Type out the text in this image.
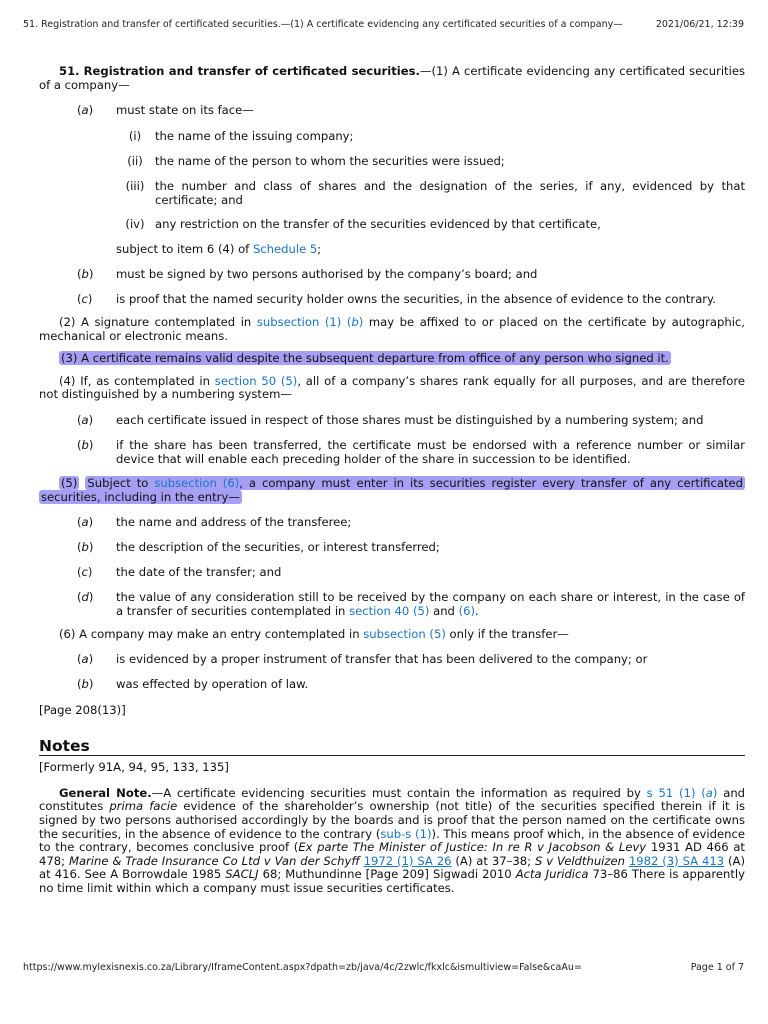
51. Registration and transfer of certificated securities.—(1) A certificate evidencing any certificated securities of a company—	2021/06/21, 12:39

51. Registration and transfer of certificated securities.—(1) A certificate evidencing any certificated securities of a company—

(a) must state on its face—
(i)	the name of the issuing company;
(ii)	the name of the person to whom the securities were issued;
(iii) the number and class of shares and the designation of the series, if any, evidenced by that certificate; and
(iv) any restriction on the transfer of the securities evidenced by that certificate,
subject to item 6 (4) of Schedule 5;
(b) must be signed by two persons authorised by the company’s board; and
(c) is proof that the named security holder owns the securities, in the absence of evidence to the contrary.

(2) A signature contemplated in subsection (1) (b) may be affixed to or placed on the certificate by autographic, mechanical or electronic means.

(3) A certificate remains valid despite the subsequent departure from office of any person who signed it.

(4) If, as contemplated in section 50 (5), all of a company’s shares rank equally for all purposes, and are therefore not distinguished by a numbering system—

(a) each certificate issued in respect of those shares must be distinguished by a numbering system; and
(b) if the share has been transferred, the certificate must be endorsed with a reference number or similar device that will enable each preceding holder of the share in succession to be identified.

(5) Subject to subsection (6), a company must enter in its securities register every transfer of any certificated securities, including in the entry—

(a) the name and address of the transferee;
(b) the description of the securities, or interest transferred;
(c) the date of the transfer; and
(d) the value of any consideration still to be received by the company on each share or interest, in the case of a transfer of securities contemplated in section 40 (5) and (6).

(6) A company may make an entry contemplated in subsection (5) only if the transfer—

(a) is evidenced by a proper instrument of transfer that has been delivered to the company; or
(b) was effected by operation of law.

[Page 208(13)]

Notes

[Formerly 91A, 94, 95, 133, 135]

General Note.—A certificate evidencing securities must contain the information as required by s 51 (1) (a) and constitutes prima facie evidence of the shareholder’s ownership (not title) of the securities specified therein if it is signed by two persons authorised accordingly by the boards and is proof that the person named on the certificate owns the securities, in the absence of evidence to the contrary (sub-s (1)). This means proof which, in the absence of evidence to the contrary, becomes conclusive proof (Ex parte The Minister of Justice: In re R v Jacobson & Levy 1931 AD 466 at 478; Marine & Trade Insurance Co Ltd v Van der Schyff 1972 (1) SA 26 (A) at 37–38; S v Veldthuizen 1982 (3) SA 413 (A) at 416. See A Borrowdale 1985 SACLJ 68; Muthundinne [Page 209] Sigwadi 2010 Acta Juridica 73–86 There is apparently no time limit within which a company must issue securities certificates.

https://www.mylexisnexis.co.za/Library/IframeContent.aspx?dpath=zb/java/4c/2zwlc/fkxlc&ismultiview=False&caAu=	Page 1 of 7
